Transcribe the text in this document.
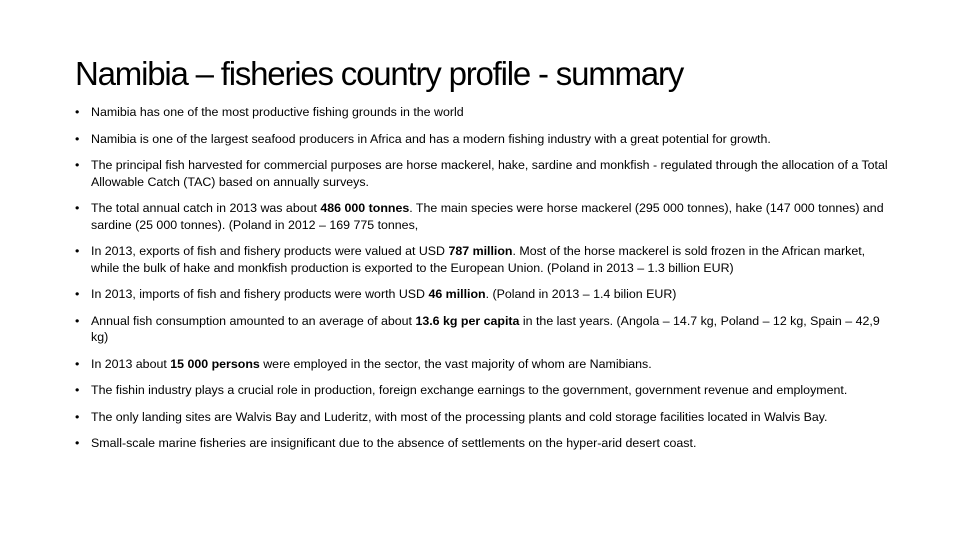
Namibia – fisheries country profile - summary
• Namibia has one of the most productive fishing grounds in the world
• Namibia is one of the largest seafood producers in Africa and has a modern fishing industry with a great potential for growth.
• The principal fish harvested for commercial purposes are horse mackerel, hake, sardine and monkfish - regulated through the allocation of a Total Allowable Catch (TAC) based on annually surveys.
• The total annual catch in 2013 was about 486 000 tonnes. The main species were horse mackerel (295 000 tonnes), hake (147 000 tonnes) and sardine (25 000 tonnes). (Poland in 2012 – 169 775 tonnes,
• In 2013, exports of fish and fishery products were valued at USD 787 million. Most of the horse mackerel is sold frozen in the African market, while the bulk of hake and monkfish production is exported to the European Union. (Poland in 2013 – 1.3 billion EUR)
• In 2013, imports of fish and fishery products were worth USD 46 million. (Poland in 2013 – 1.4 bilion EUR)
• Annual fish consumption amounted to an average of about 13.6 kg per capita in the last years. (Angola – 14.7 kg, Poland – 12 kg, Spain – 42,9 kg)
• In 2013 about 15 000 persons were employed in the sector, the vast majority of whom are Namibians.
• The fishin industry plays a crucial role in production, foreign exchange earnings to the government, government revenue and employment.
• The only landing sites are Walvis Bay and Luderitz, with most of the processing plants and cold storage facilities located in Walvis Bay.
• Small-scale marine fisheries are insignificant due to the absence of settlements on the hyper-arid desert coast.
